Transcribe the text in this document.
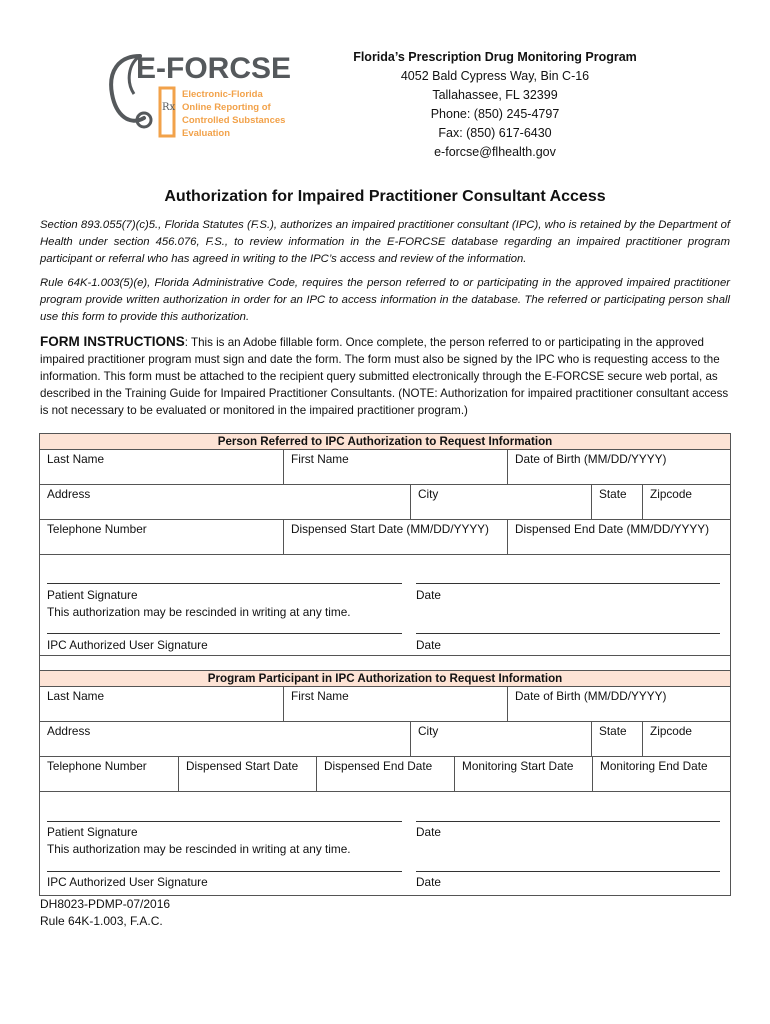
E-FORCSE
Rx
Electronic-Florida
Online Reporting of
Controlled Substances
Evaluation
Florida’s Prescription Drug Monitoring Program
4052 Bald Cypress Way, Bin C-16
Tallahassee, FL 32399
Phone: (850) 245-4797
Fax: (850) 617-6430
e-forcse@flhealth.gov
Authorization for Impaired Practitioner Consultant Access
Section 893.055(7)(c)5., Florida Statutes (F.S.), authorizes an impaired practitioner consultant (IPC), who is retained by the Department of Health under section 456.076, F.S., to review information in the E-FORCSE database regarding an impaired practitioner program participant or referral who has agreed in writing to the IPC’s access and review of the information.
Rule 64K-1.003(5)(e), Florida Administrative Code, requires the person referred to or participating in the approved impaired practitioner program provide written authorization in order for an IPC to access information in the database. The referred or participating person shall use this form to provide this authorization.
FORM INSTRUCTIONS: This is an Adobe fillable form. Once complete, the person referred to or participating in the approved impaired practitioner program must sign and date the form. The form must also be signed by the IPC who is requesting access to the information. This form must be attached to the recipient query submitted electronically through the E-FORCSE secure web portal, as described in the Training Guide for Impaired Practitioner Consultants. (NOTE: Authorization for impaired practitioner consultant access is not necessary to be evaluated or monitored in the impaired practitioner program.)
Person Referred to IPC Authorization to Request Information
Last Name	First Name	Date of Birth (MM/DD/YYYY)
Address	City	State	Zipcode
Telephone Number	Dispensed Start Date (MM/DD/YYYY)	Dispensed End Date (MM/DD/YYYY)
Patient Signature	Date
This authorization may be rescinded in writing at any time.
IPC Authorized User Signature	Date
Program Participant in IPC Authorization to Request Information
Last Name	First Name	Date of Birth (MM/DD/YYYY)
Address	City	State	Zipcode
Telephone Number	Dispensed Start Date	Dispensed End Date	Monitoring Start Date	Monitoring End Date
Patient Signature	Date
This authorization may be rescinded in writing at any time.
IPC Authorized User Signature	Date
DH8023-PDMP-07/2016
Rule 64K-1.003, F.A.C.
